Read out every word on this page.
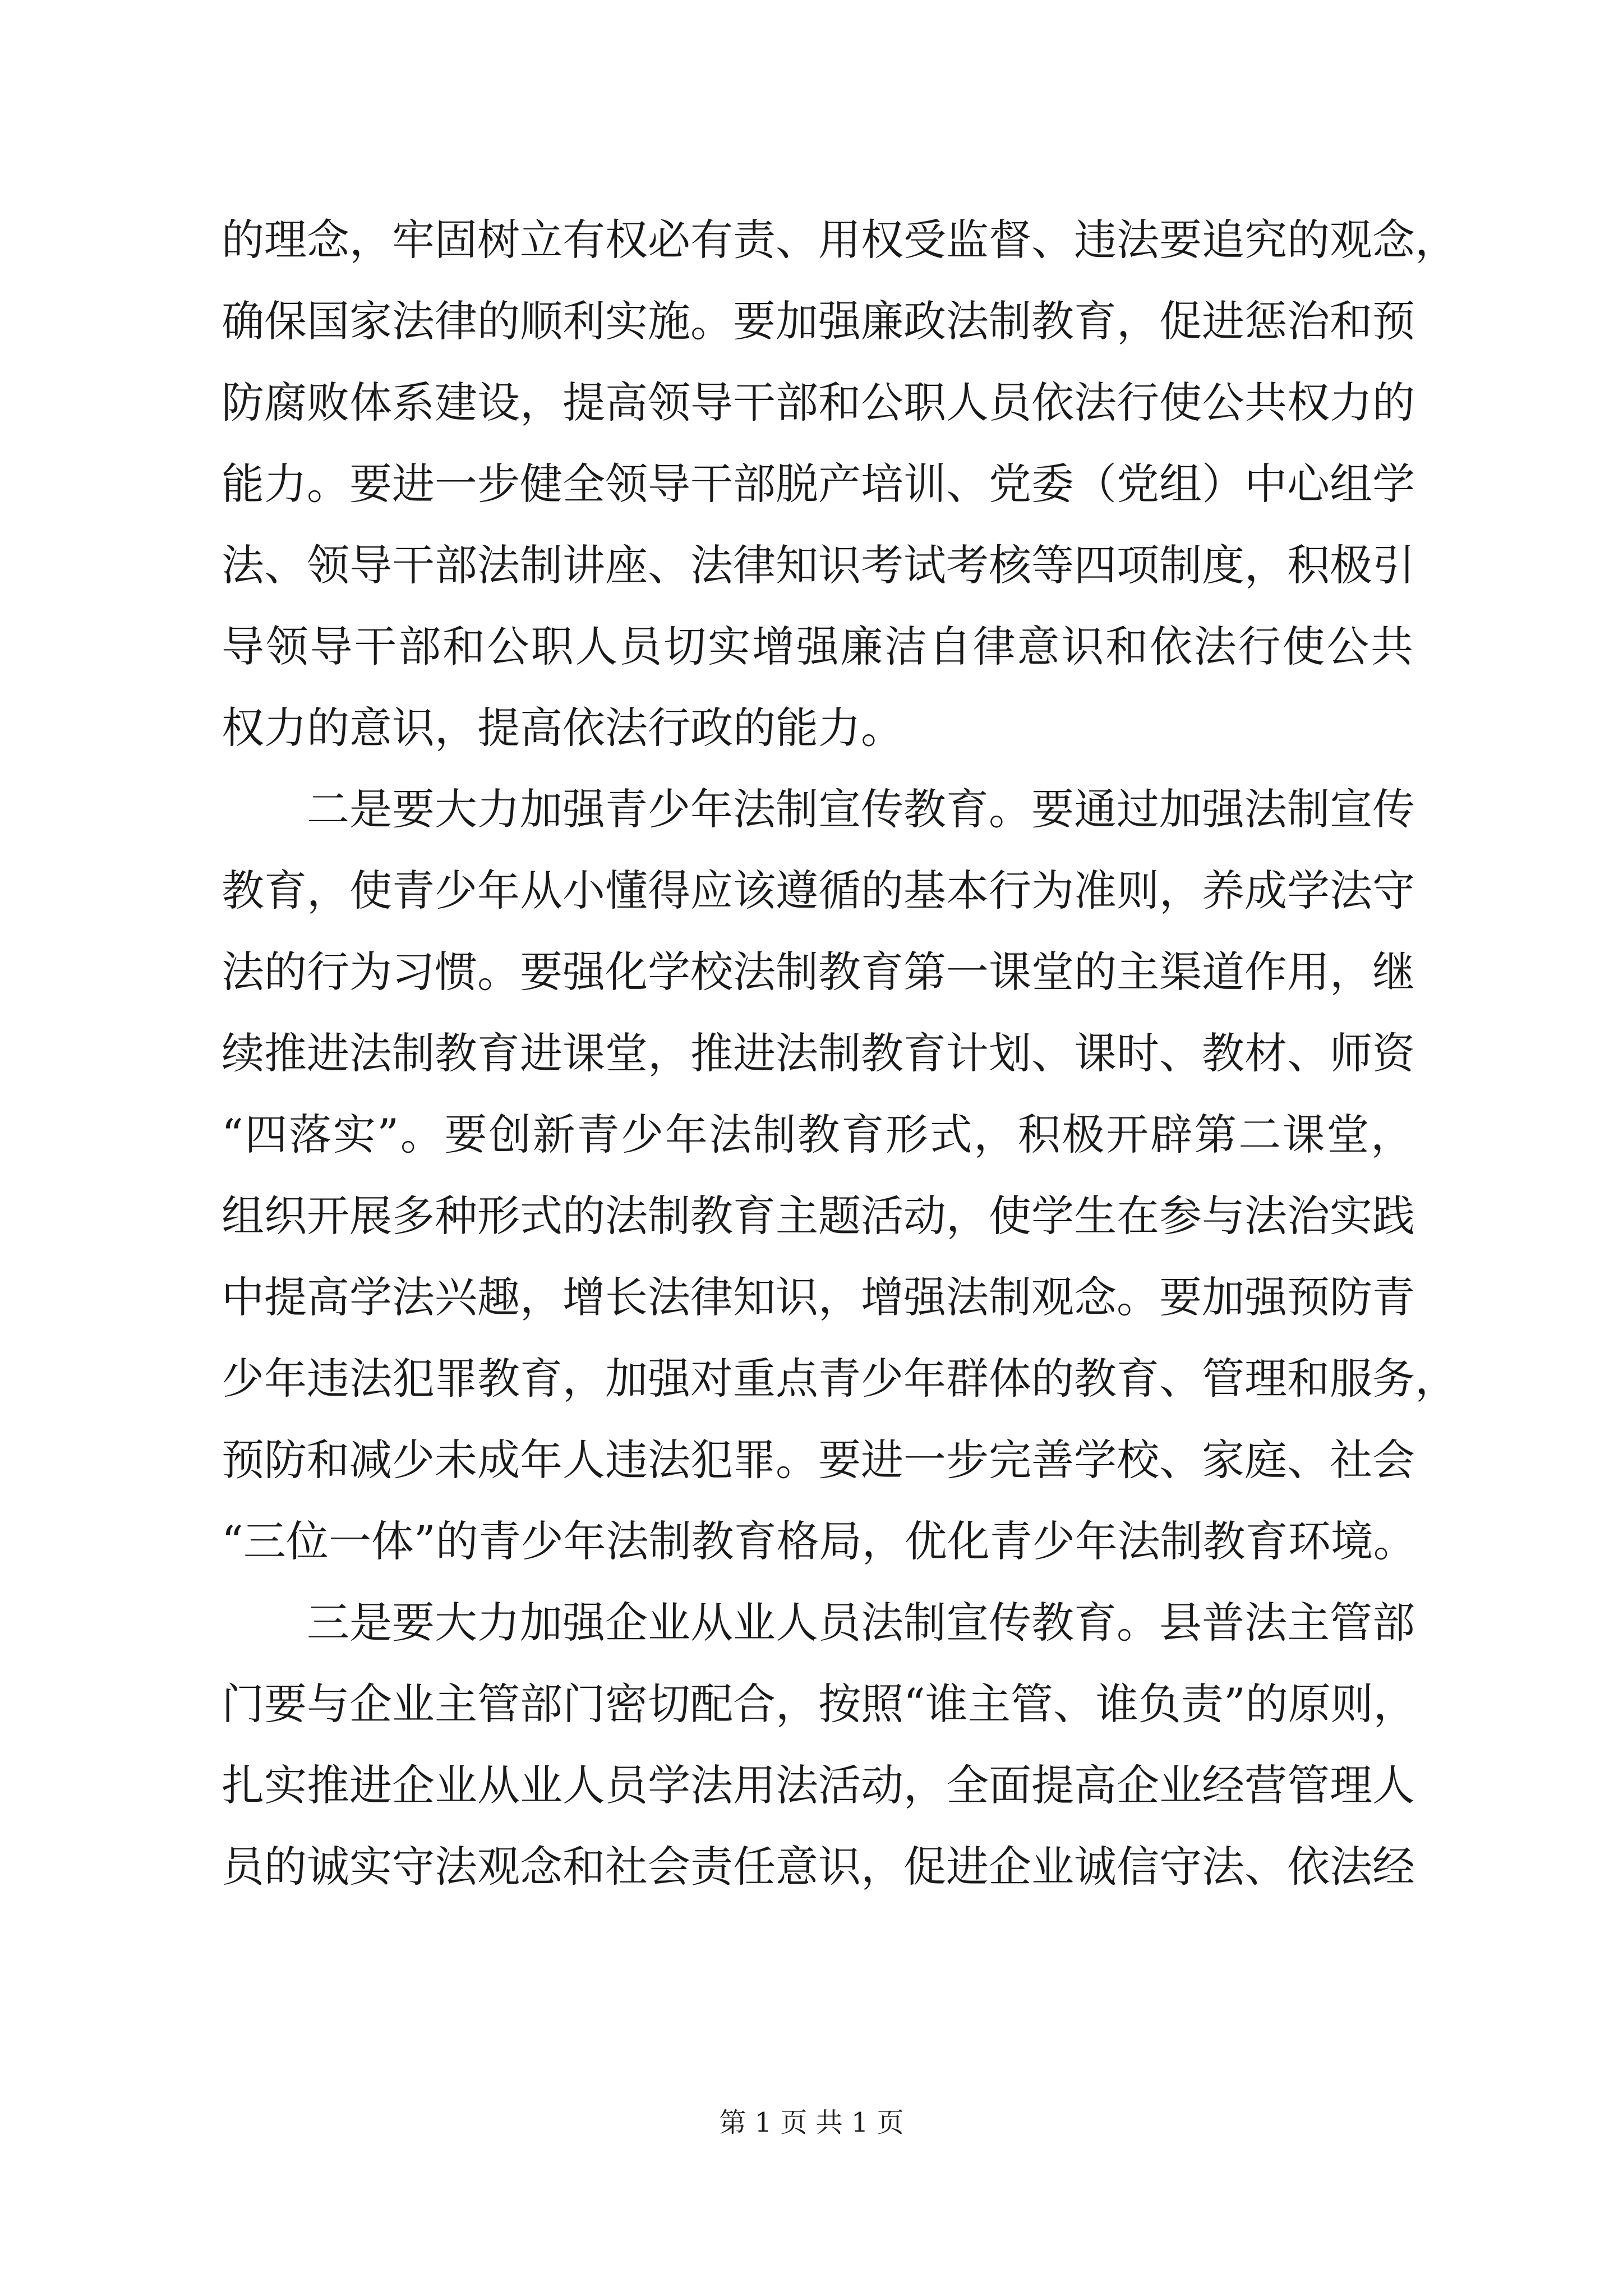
的理念，牢固树立有权必有责、用权受监督、违法要追究的观念，
确保国家法律的顺利实施。要加强廉政法制教育，促进惩治和预
防腐败体系建设，提高领导干部和公职人员依法行使公共权力的
能力。要进一步健全领导干部脱产培训、党委（党组）中心组学
法、领导干部法制讲座、法律知识考试考核等四项制度，积极引
导领导干部和公职人员切实增强廉洁自律意识和依法行使公共
权力的意识，提高依法行政的能力。
二是要大力加强青少年法制宣传教育。要通过加强法制宣传
教育，使青少年从小懂得应该遵循的基本行为准则，养成学法守
法的行为习惯。要强化学校法制教育第一课堂的主渠道作用，继
续推进法制教育进课堂，推进法制教育计划、课时、教材、师资
“四落实”。要创新青少年法制教育形式，积极开辟第二课堂，
组织开展多种形式的法制教育主题活动，使学生在参与法治实践
中提高学法兴趣，增长法律知识，增强法制观念。要加强预防青
少年违法犯罪教育，加强对重点青少年群体的教育、管理和服务，
预防和减少未成年人违法犯罪。要进一步完善学校、家庭、社会
“三位一体”的青少年法制教育格局，优化青少年法制教育环境。
三是要大力加强企业从业人员法制宣传教育。县普法主管部
门要与企业主管部门密切配合，按照“谁主管、谁负责”的原则，
扎实推进企业从业人员学法用法活动，全面提高企业经营管理人
员的诚实守法观念和社会责任意识，促进企业诚信守法、依法经
第 1 页 共 1 页
